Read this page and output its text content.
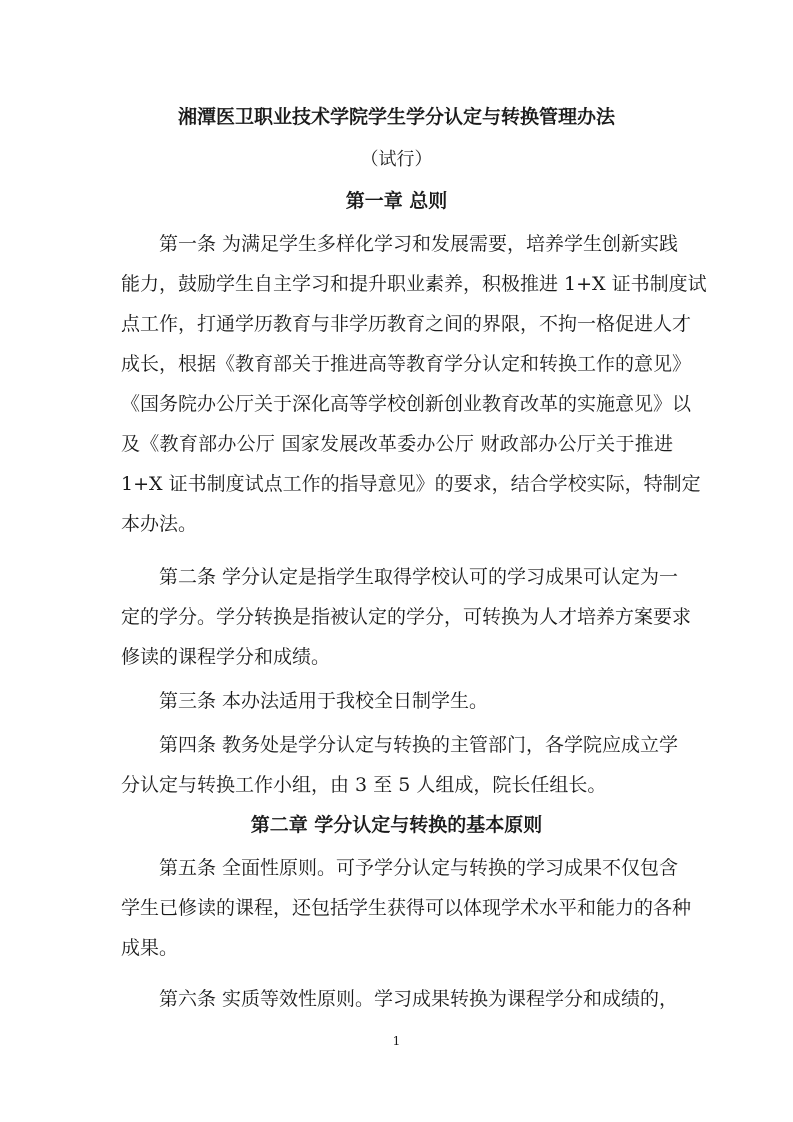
湘潭医卫职业技术学院学生学分认定与转换管理办法
（试行）
第一章 总则
第一条 为满足学生多样化学习和发展需要，培养学生创新实践
能力，鼓励学生自主学习和提升职业素养，积极推进 1+X 证书制度试
点工作，打通学历教育与非学历教育之间的界限，不拘一格促进人才
成长，根据《教育部关于推进高等教育学分认定和转换工作的意见》
《国务院办公厅关于深化高等学校创新创业教育改革的实施意见》以
及《教育部办公厅 国家发展改革委办公厅 财政部办公厅关于推进
1+X 证书制度试点工作的指导意见》的要求，结合学校实际，特制定
本办法。
第二条 学分认定是指学生取得学校认可的学习成果可认定为一
定的学分。学分转换是指被认定的学分，可转换为人才培养方案要求
修读的课程学分和成绩。
第三条 本办法适用于我校全日制学生。
第四条 教务处是学分认定与转换的主管部门，各学院应成立学
分认定与转换工作小组，由 3 至 5 人组成，院长任组长。
第二章 学分认定与转换的基本原则
第五条 全面性原则。可予学分认定与转换的学习成果不仅包含
学生已修读的课程，还包括学生获得可以体现学术水平和能力的各种
成果。
第六条 实质等效性原则。学习成果转换为课程学分和成绩的，
1
